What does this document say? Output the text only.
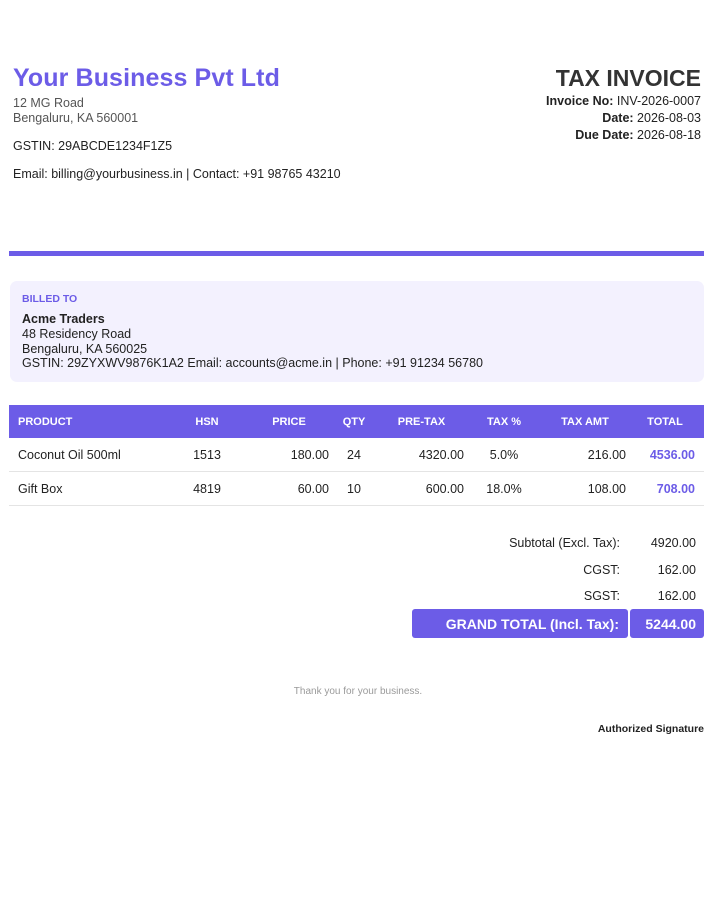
Your Business Pvt Ltd
12 MG Road
Bengaluru, KA 560001
GSTIN: 29ABCDE1234F1Z5
Email: billing@yourbusiness.in | Contact: +91 98765 43210
TAX INVOICE
Invoice No: INV-2026-0007
Date: 2026-08-03
Due Date: 2026-08-18
BILLED TO
Acme Traders
48 Residency Road
Bengaluru, KA 560025
GSTIN: 29ZYXWV9876K1A2 Email: accounts@acme.in | Phone: +91 91234 56780
PRODUCT	HSN	PRICE	QTY	PRE-TAX	TAX %	TAX AMT	TOTAL
Coconut Oil 500ml	1513	180.00	24	4320.00	5.0%	216.00	4536.00
Gift Box	4819	60.00	10	600.00	18.0%	108.00	708.00
Subtotal (Excl. Tax): 4920.00
CGST:	162.00
SGST:	162.00
GRAND TOTAL (Incl. Tax):	5244.00
Thank you for your business.
Authorized Signature
